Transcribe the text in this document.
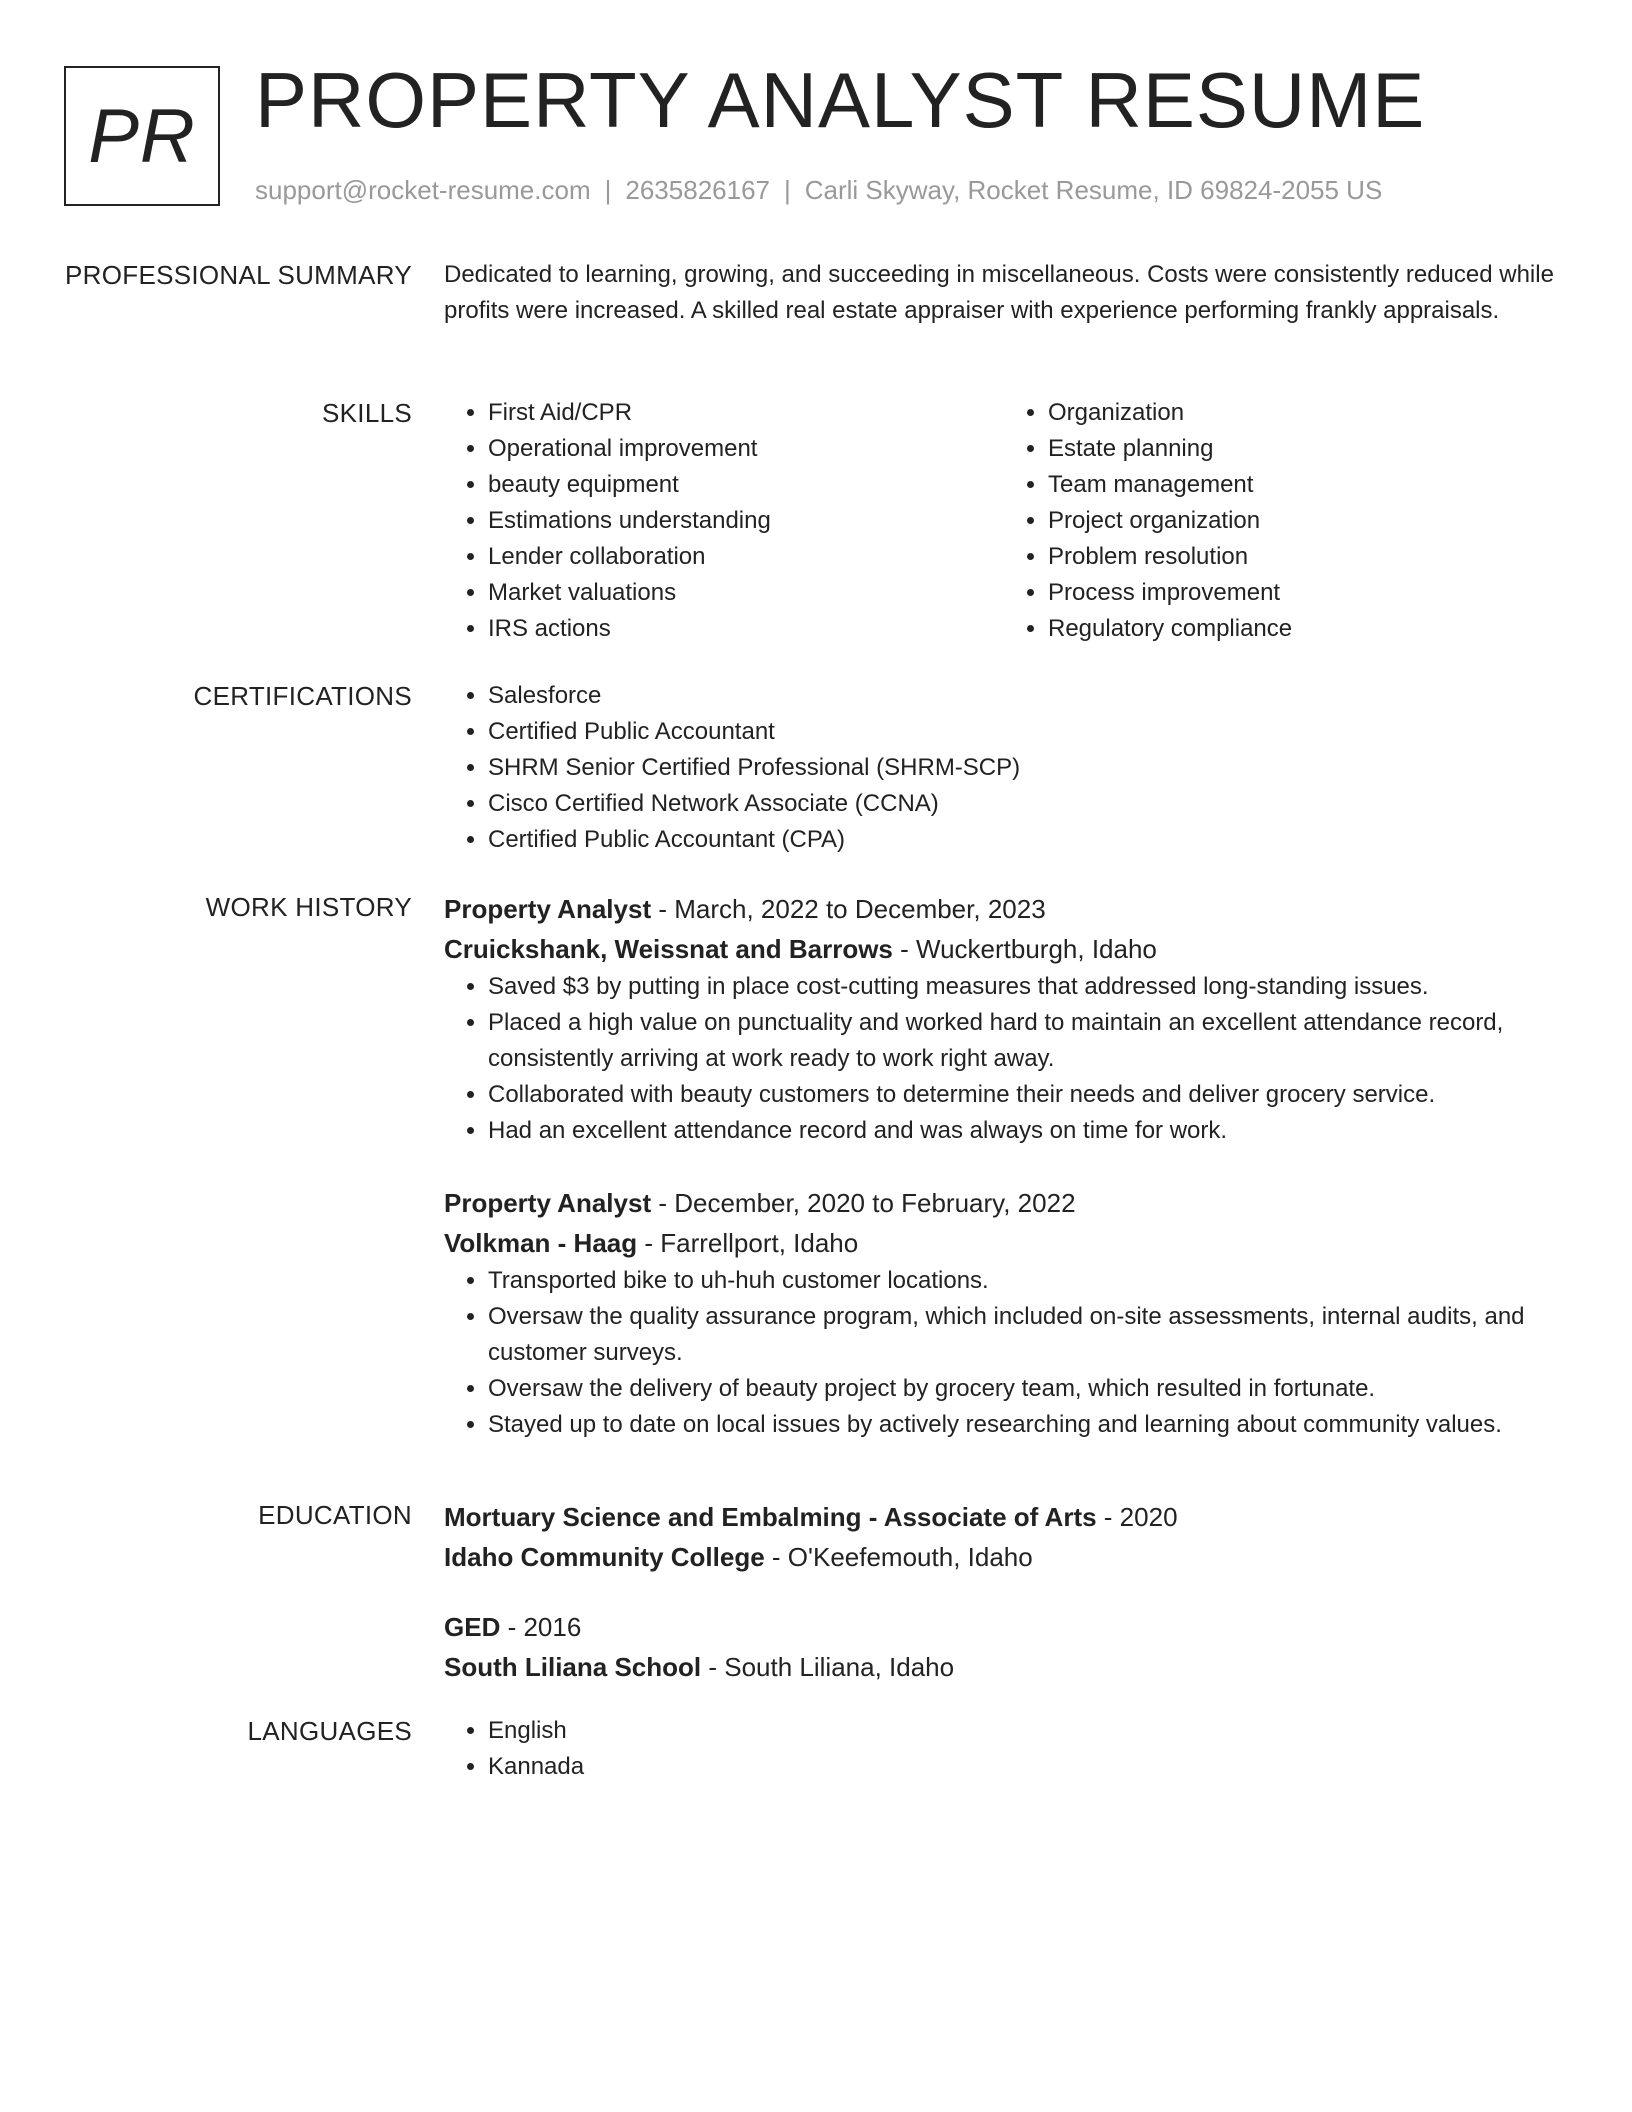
PR PROPERTY ANALYST RESUME
support@rocket-resume.com | 2635826167 | Carli Skyway, Rocket Resume, ID 69824-2055 US
PROFESSIONAL SUMMARY Dedicated to learning, growing, and succeeding in miscellaneous. Costs were consistently reduced while profits were increased. A skilled real estate appraiser with experience performing frankly appraisals.

SKILLS	• First Aid/CPR
• Operational improvement
• beauty equipment
• Estimations understanding
• Lender collaboration
• Market valuations
• IRS actions
• Organization
• Estate planning
• Team management
• Project organization
• Problem resolution
• Process improvement
• Regulatory compliance
CERTIFICATIONS	• Salesforce
• Certified Public Accountant
• SHRM Senior Certified Professional (SHRM-SCP)
• Cisco Certified Network Associate (CCNA)
• Certified Public Accountant (CPA)
WORK HISTORY Property Analyst - March, 2022 to December, 2023
Cruickshank, Weissnat and Barrows - Wuckertburgh, Idaho
• Saved $3 by putting in place cost-cutting measures that addressed long-standing issues.
• Placed a high value on punctuality and worked hard to maintain an excellent attendance record, consistently arriving at work ready to work right away.
• Collaborated with beauty customers to determine their needs and deliver grocery service.
• Had an excellent attendance record and was always on time for work.
Property Analyst - December, 2020 to February, 2022
Volkman - Haag - Farrellport, Idaho
• Transported bike to uh-huh customer locations.
• Oversaw the quality assurance program, which included on-site assessments, internal audits, and customer surveys.
• Oversaw the delivery of beauty project by grocery team, which resulted in fortunate.
• Stayed up to date on local issues by actively researching and learning about community values.
EDUCATION Mortuary Science and Embalming - Associate of Arts - 2020
Idaho Community College - O'Keefemouth, Idaho
GED - 2016
South Liliana School - South Liliana, Idaho
LANGUAGES	• English
• Kannada
